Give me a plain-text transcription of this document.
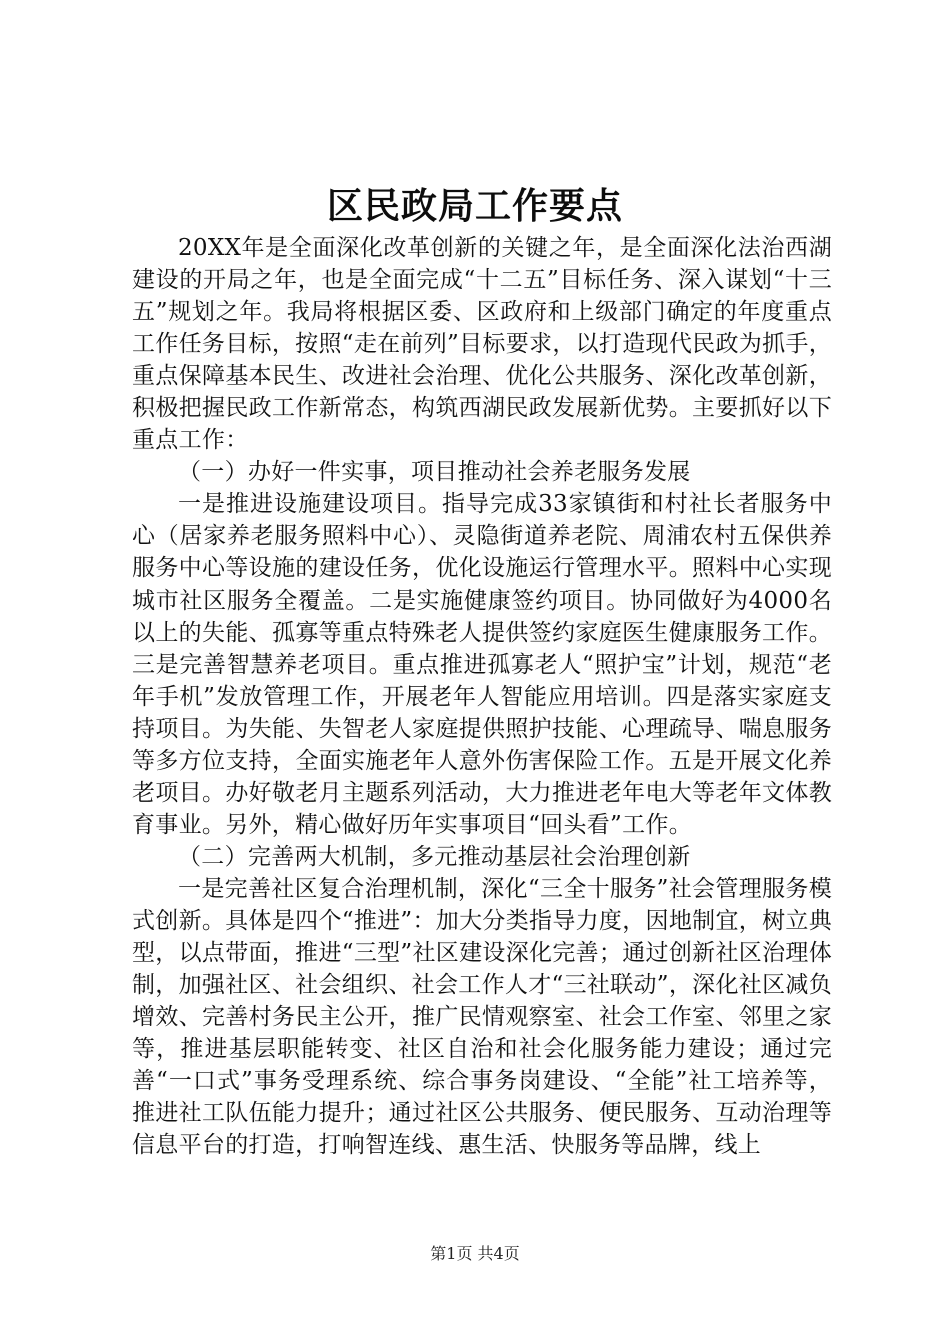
区民政局工作要点

20XX年是全面深化改革创新的关键之年，是全面深化法治西湖建设的开局之年，也是全面完成“十二五”目标任务、深入谋划“十三五”规划之年。我局将根据区委、区政府和上级部门确定的年度重点工作任务目标，按照“走在前列”目标要求，以打造现代民政为抓手，重点保障基本民生、改进社会治理、优化公共服务、深化改革创新，积极把握民政工作新常态，构筑西湖民政发展新优势。主要抓好以下重点工作：

（一）办好一件实事，项目推动社会养老服务发展

一是推进设施建设项目。指导完成33家镇街和村社长者服务中心（居家养老服务照料中心）、灵隐街道养老院、周浦农村五保供养服务中心等设施的建设任务，优化设施运行管理水平。照料中心实现城市社区服务全覆盖。二是实施健康签约项目。协同做好为4000名以上的失能、孤寡等重点特殊老人提供签约家庭医生健康服务工作。三是完善智慧养老项目。重点推进孤寡老人“照护宝”计划，规范“老年手机”发放管理工作，开展老年人智能应用培训。四是落实家庭支持项目。为失能、失智老人家庭提供照护技能、心理疏导、喘息服务等多方位支持，全面实施老年人意外伤害保险工作。五是开展文化养老项目。办好敬老月主题系列活动，大力推进老年电大等老年文体教育事业。另外，精心做好历年实事项目“回头看”工作。

（二）完善两大机制，多元推动基层社会治理创新

一是完善社区复合治理机制，深化“三全十服务”社会管理服务模式创新。具体是四个“推进”：加大分类指导力度，因地制宜，树立典型，以点带面，推进“三型”社区建设深化完善；通过创新社区治理体制，加强社区、社会组织、社会工作人才“三社联动”，深化社区减负增效、完善村务民主公开，推广民情观察室、社会工作室、邻里之家等，推进基层职能转变、社区自治和社会化服务能力建设；通过完善“一口式”事务受理系统、综合事务岗建设、“全能”社工培养等，推进社工队伍能力提升；通过社区公共服务、便民服务、互动治理等信息平台的打造，打响智连线、惠生活、快服务等品牌，线上

第1页 共4页
